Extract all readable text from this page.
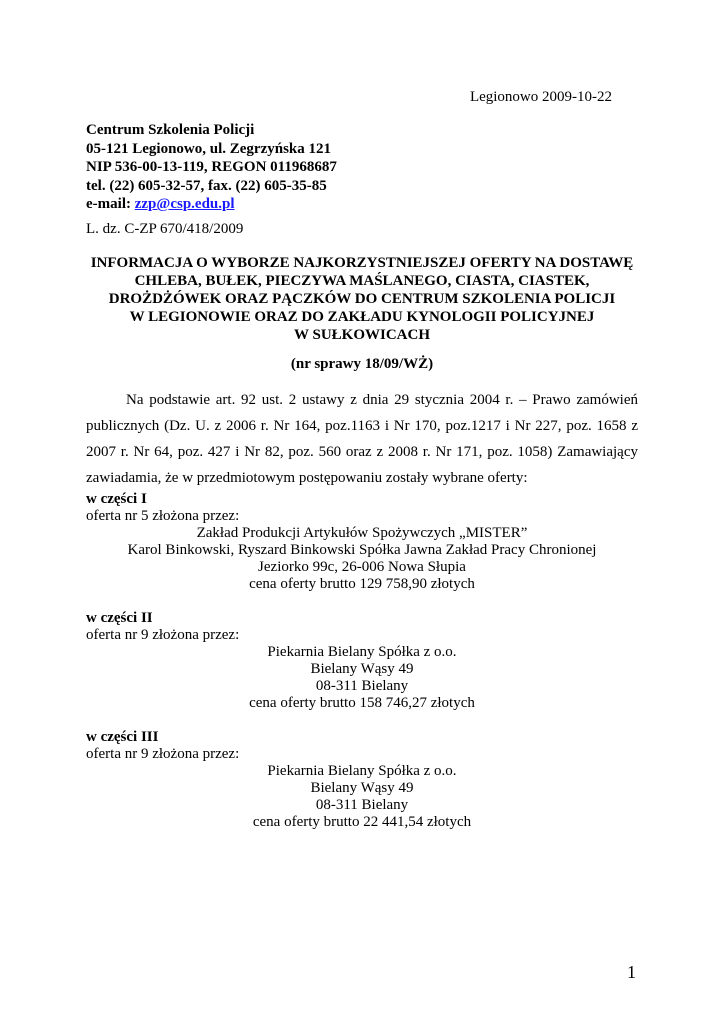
Legionowo 2009-10-22
Centrum Szkolenia Policji
05-121 Legionowo, ul. Zegrzyńska 121
NIP 536-00-13-119, REGON 011968687
tel. (22) 605-32-57, fax. (22) 605-35-85
e-mail: zzp@csp.edu.pl
L. dz. C-ZP 670/418/2009
INFORMACJA O WYBORZE NAJKORZYSTNIEJSZEJ OFERTY NA DOSTAWĘ
CHLEBA, BUŁEK, PIECZYWA MAŚLANEGO, CIASTA, CIASTEK,
DROŻDŻÓWEK ORAZ PĄCZKÓW DO CENTRUM SZKOLENIA POLICJI
W LEGIONOWIE ORAZ DO ZAKŁADU KYNOLOGII POLICYJNEJ
W SUŁKOWICACH
(nr sprawy 18/09/WŻ)
Na podstawie art. 92 ust. 2 ustawy z dnia 29 stycznia 2004 r. – Prawo zamówień publicznych (Dz. U. z 2006 r. Nr 164, poz.1163 i Nr 170, poz.1217 i Nr 227, poz. 1658 z 2007 r. Nr 64, poz. 427 i Nr 82, poz. 560 oraz z 2008 r. Nr 171, poz. 1058) Zamawiający zawiadamia, że w przedmiotowym postępowaniu zostały wybrane oferty:
w części I
oferta nr 5 złożona przez:
Zakład Produkcji Artykułów Spożywczych „MISTER”
Karol Binkowski, Ryszard Binkowski Spółka Jawna Zakład Pracy Chronionej
Jeziorko 99c, 26-006 Nowa Słupia
cena oferty brutto 129 758,90 złotych
w części II
oferta nr 9 złożona przez:
Piekarnia Bielany Spółka z o.o.
Bielany Wąsy 49
08-311 Bielany
cena oferty brutto 158 746,27 złotych
w części III
oferta nr 9 złożona przez:
Piekarnia Bielany Spółka z o.o.
Bielany Wąsy 49
08-311 Bielany
cena oferty brutto 22 441,54 złotych
1
